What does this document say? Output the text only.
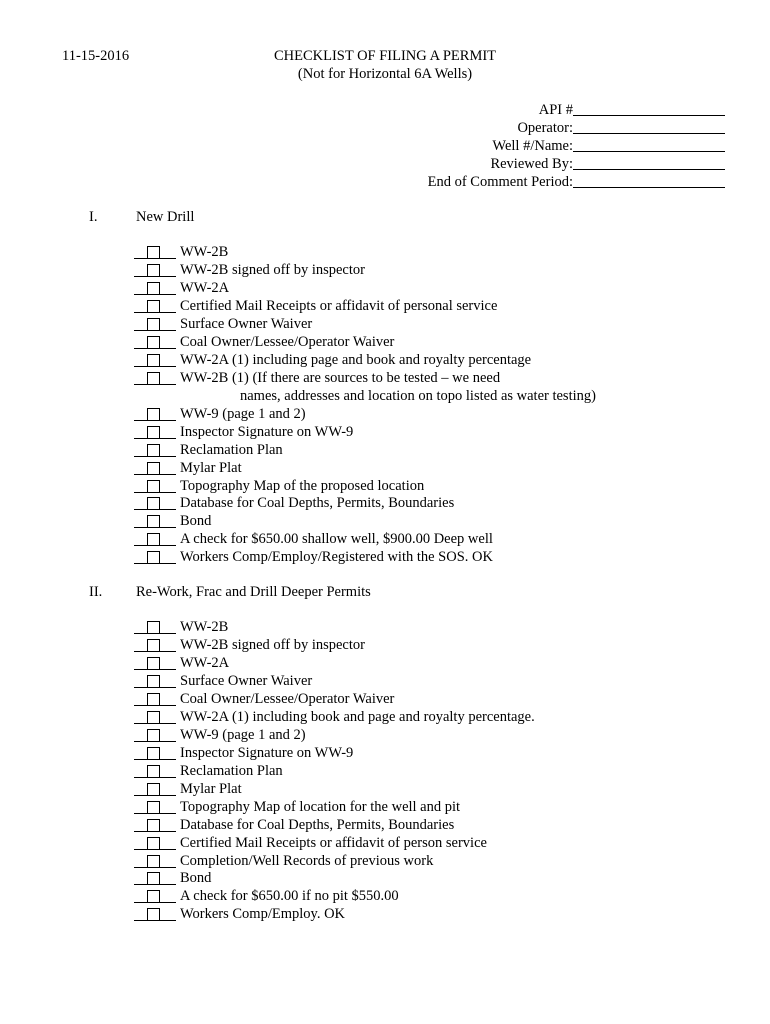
11-15-2016	CHECKLIST OF FILING A PERMIT
(Not for Horizontal 6A Wells)
API #
Operator:
Well #/Name:
Reviewed By:
End of Comment Period:
I.	New Drill
WW-2B
WW-2B signed off by inspector
WW-2A
Certified Mail Receipts or affidavit of personal service
Surface Owner Waiver
Coal Owner/Lessee/Operator Waiver
WW-2A (1) including page and book and royalty percentage
WW-2B (1) (If there are sources to be tested – we need
WW-9 (page 1 and 2)
Inspector Signature on WW-9
Reclamation Plan
Mylar Plat
Topography Map of the proposed location
Database for Coal Depths, Permits, Boundaries
Bond
A check for $650.00 shallow well, $900.00 Deep well
Workers Comp/Employ/Registered with the SOS. OK
names, addresses and location on topo listed as water testing)
II. Re-Work, Frac and Drill Deeper Permits
WW-2B
WW-2B signed off by inspector
WW-2A
Surface Owner Waiver
Coal Owner/Lessee/Operator Waiver
WW-2A (1) including book and page and royalty percentage.
WW-9 (page 1 and 2)
Inspector Signature on WW-9
Reclamation Plan
Mylar Plat
Topography Map of location for the well and pit
Database for Coal Depths, Permits, Boundaries
Certified Mail Receipts or affidavit of person service
Completion/Well Records of previous work
Bond
A check for $650.00 if no pit $550.00
Workers Comp/Employ. OK
